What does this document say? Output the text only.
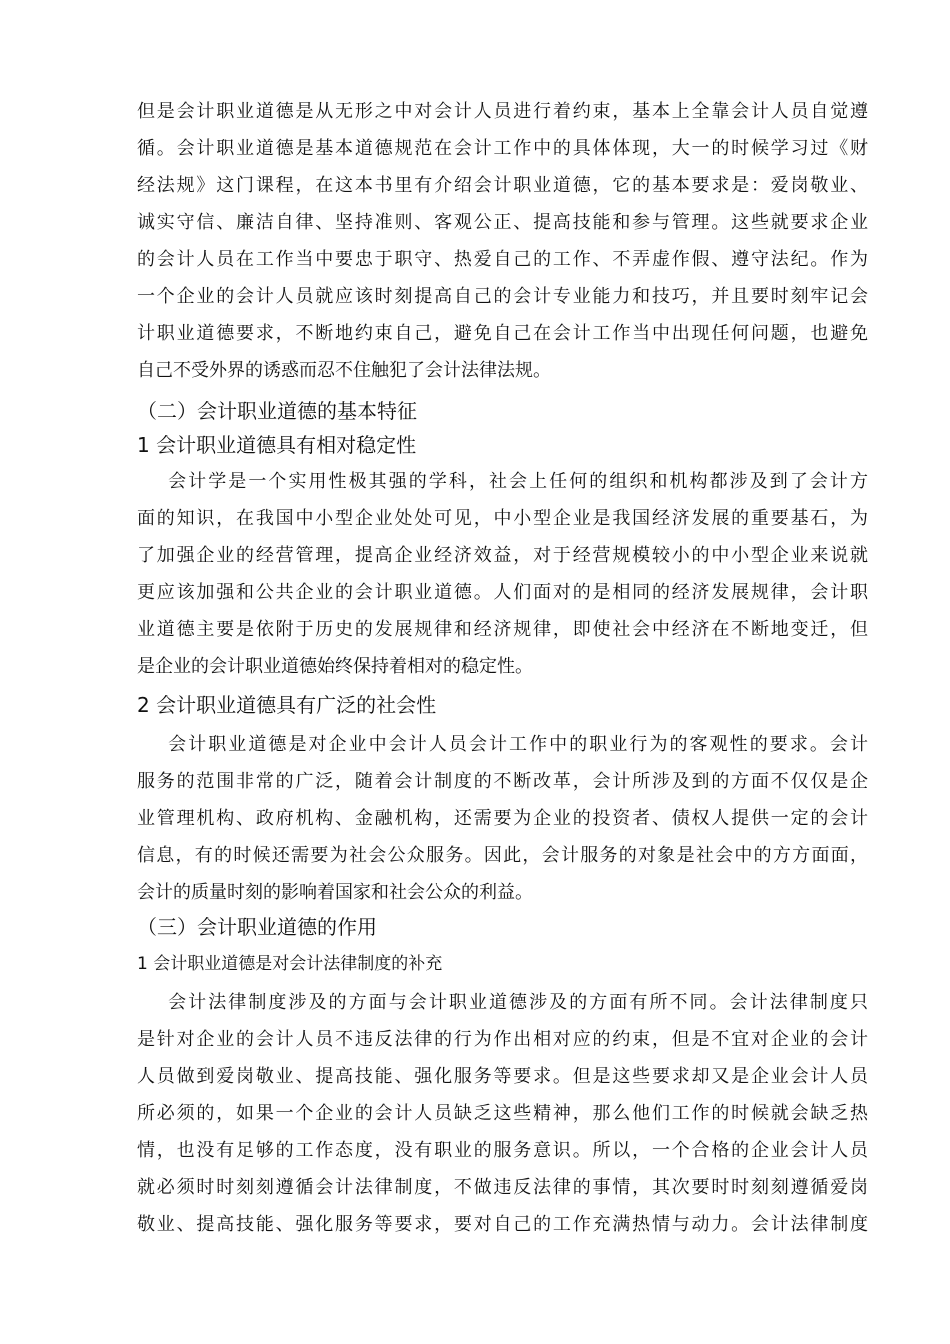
但是会计职业道德是从无形之中对会计人员进行着约束，基本上全靠会计人员自觉遵
循。会计职业道德是基本道德规范在会计工作中的具体体现，大一的时候学习过《财
经法规》这门课程，在这本书里有介绍会计职业道德，它的基本要求是：爱岗敬业、
诚实守信、廉洁自律、坚持准则、客观公正、提高技能和参与管理。这些就要求企业
的会计人员在工作当中要忠于职守、热爱自己的工作、不弄虚作假、遵守法纪。作为
一个企业的会计人员就应该时刻提高自己的会计专业能力和技巧，并且要时刻牢记会
计职业道德要求，不断地约束自己，避免自己在会计工作当中出现任何问题，也避免
自己不受外界的诱惑而忍不住触犯了会计法律法规。
（二）会计职业道德的基本特征
1 会计职业道德具有相对稳定性
会计学是一个实用性极其强的学科，社会上任何的组织和机构都涉及到了会计方
面的知识，在我国中小型企业处处可见，中小型企业是我国经济发展的重要基石，为
了加强企业的经营管理，提高企业经济效益，对于经营规模较小的中小型企业来说就
更应该加强和公共企业的会计职业道德。人们面对的是相同的经济发展规律，会计职
业道德主要是依附于历史的发展规律和经济规律，即使社会中经济在不断地变迁，但
是企业的会计职业道德始终保持着相对的稳定性。
2 会计职业道德具有广泛的社会性
会计职业道德是对企业中会计人员会计工作中的职业行为的客观性的要求。会计
服务的范围非常的广泛，随着会计制度的不断改革，会计所涉及到的方面不仅仅是企
业管理机构、政府机构、金融机构，还需要为企业的投资者、债权人提供一定的会计
信息，有的时候还需要为社会公众服务。因此，会计服务的对象是社会中的方方面面，
会计的质量时刻的影响着国家和社会公众的利益。
（三）会计职业道德的作用
1 会计职业道德是对会计法律制度的补充
会计法律制度涉及的方面与会计职业道德涉及的方面有所不同。会计法律制度只
是针对企业的会计人员不违反法律的行为作出相对应的约束，但是不宜对企业的会计
人员做到爱岗敬业、提高技能、强化服务等要求。但是这些要求却又是企业会计人员
所必须的，如果一个企业的会计人员缺乏这些精神，那么他们工作的时候就会缺乏热
情，也没有足够的工作态度，没有职业的服务意识。所以，一个合格的企业会计人员
就必须时时刻刻遵循会计法律制度，不做违反法律的事情，其次要时时刻刻遵循爱岗
敬业、提高技能、强化服务等要求，要对自己的工作充满热情与动力。会计法律制度
